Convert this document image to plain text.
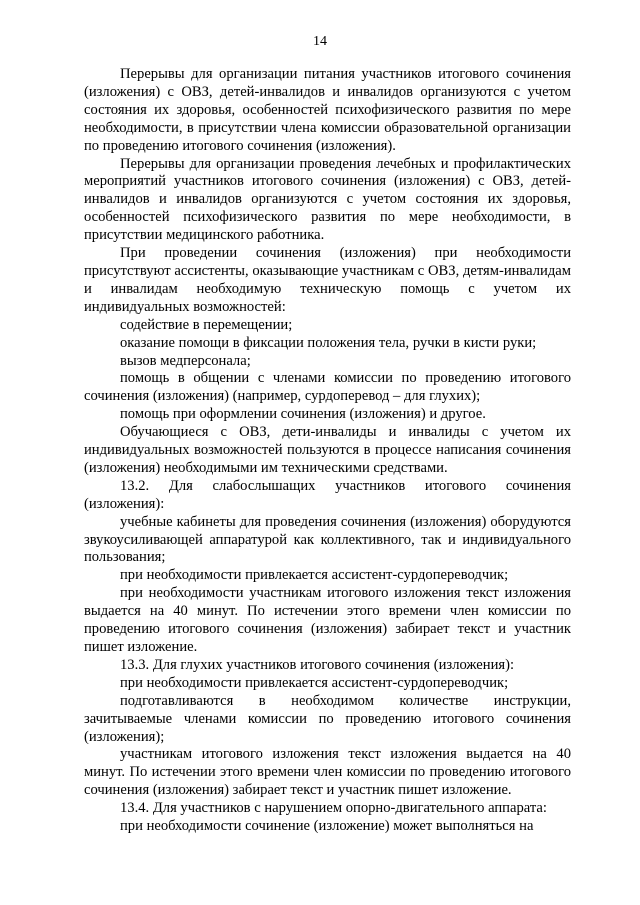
14

Перерывы для организации питания участников итогового сочинения (изложения) с ОВЗ, детей-инвалидов и инвалидов организуются с учетом состояния их здоровья, особенностей психофизического развития по мере необходимости, в присутствии члена комиссии образовательной организации по проведению итогового сочинения (изложения).

Перерывы для организации проведения лечебных и профилактических мероприятий участников итогового сочинения (изложения) с ОВЗ, детей-инвалидов и инвалидов организуются с учетом состояния их здоровья, особенностей психофизического развития по мере необходимости, в присутствии медицинского работника.

При проведении сочинения (изложения) при необходимости присутствуют ассистенты, оказывающие участникам с ОВЗ, детям-инвалидам и инвалидам необходимую техническую помощь с учетом их индивидуальных возможностей:

содействие в перемещении;

оказание помощи в фиксации положения тела, ручки в кисти руки;

вызов медперсонала;

помощь в общении с членами комиссии по проведению итогового сочинения (изложения) (например, сурдоперевод – для глухих);

помощь при оформлении сочинения (изложения) и другое.

Обучающиеся с ОВЗ, дети-инвалиды и инвалиды с учетом их индивидуальных возможностей пользуются в процессе написания сочинения (изложения) необходимыми им техническими средствами.

13.2. Для слабослышащих участников итогового сочинения (изложения):

учебные кабинеты для проведения сочинения (изложения) оборудуются звукоусиливающей аппаратурой как коллективного, так и индивидуального пользования;

при необходимости привлекается ассистент-сурдопереводчик;

при необходимости участникам итогового изложения текст изложения выдается на 40 минут. По истечении этого времени член комиссии по проведению итогового сочинения (изложения) забирает текст и участник пишет изложение.

13.3. Для глухих участников итогового сочинения (изложения):

при необходимости привлекается ассистент-сурдопереводчик;

подготавливаются в необходимом количестве инструкции, зачитываемые членами комиссии по проведению итогового сочинения (изложения);

участникам итогового изложения текст изложения выдается на 40 минут. По истечении этого времени член комиссии по проведению итогового сочинения (изложения) забирает текст и участник пишет изложение.

13.4. Для участников с нарушением опорно-двигательного аппарата:

при необходимости сочинение (изложение) может выполняться на
